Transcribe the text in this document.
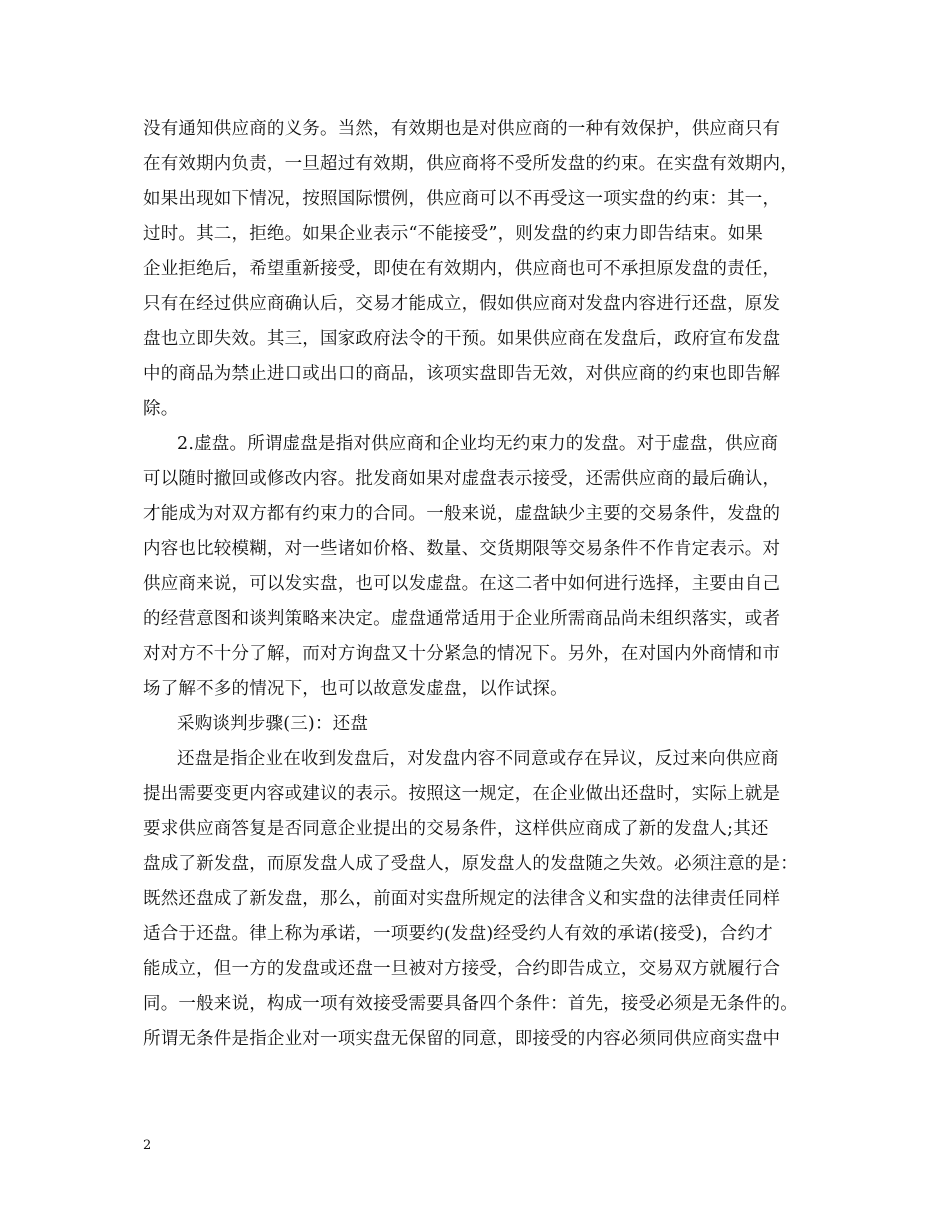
没有通知供应商的义务。当然，有效期也是对供应商的一种有效保护，供应商只有
在有效期内负责，一旦超过有效期，供应商将不受所发盘的约束。在实盘有效期内，
如果出现如下情况，按照国际惯例，供应商可以不再受这一项实盘的约束：其一，
过时。其二，拒绝。如果企业表示“不能接受”，则发盘的约束力即告结束。如果
企业拒绝后，希望重新接受，即使在有效期内，供应商也可不承担原发盘的责任，
只有在经过供应商确认后，交易才能成立，假如供应商对发盘内容进行还盘，原发
盘也立即失效。其三，国家政府法令的干预。如果供应商在发盘后，政府宣布发盘
中的商品为禁止进口或出口的商品，该项实盘即告无效，对供应商的约束也即告解
除。
2.虚盘。所谓虚盘是指对供应商和企业均无约束力的发盘。对于虚盘，供应商
可以随时撤回或修改内容。批发商如果对虚盘表示接受，还需供应商的最后确认，
才能成为对双方都有约束力的合同。一般来说，虚盘缺少主要的交易条件，发盘的
内容也比较模糊，对一些诸如价格、数量、交货期限等交易条件不作肯定表示。对
供应商来说，可以发实盘，也可以发虚盘。在这二者中如何进行选择，主要由自己
的经营意图和谈判策略来决定。虚盘通常适用于企业所需商品尚未组织落实，或者
对对方不十分了解，而对方询盘又十分紧急的情况下。另外，在对国内外商情和市
场了解不多的情况下，也可以故意发虚盘，以作试探。
采购谈判步骤(三)：还盘
还盘是指企业在收到发盘后，对发盘内容不同意或存在异议，反过来向供应商
提出需要变更内容或建议的表示。按照这一规定，在企业做出还盘时，实际上就是
要求供应商答复是否同意企业提出的交易条件，这样供应商成了新的发盘人;其还
盘成了新发盘，而原发盘人成了受盘人，原发盘人的发盘随之失效。必须注意的是：
既然还盘成了新发盘，那么，前面对实盘所规定的法律含义和实盘的法律责任同样
适合于还盘。律上称为承诺，一项要约(发盘)经受约人有效的承诺(接受)，合约才
能成立，但一方的发盘或还盘一旦被对方接受，合约即告成立，交易双方就履行合
同。一般来说，构成一项有效接受需要具备四个条件：首先，接受必须是无条件的。
所谓无条件是指企业对一项实盘无保留的同意，即接受的内容必须同供应商实盘中
2
